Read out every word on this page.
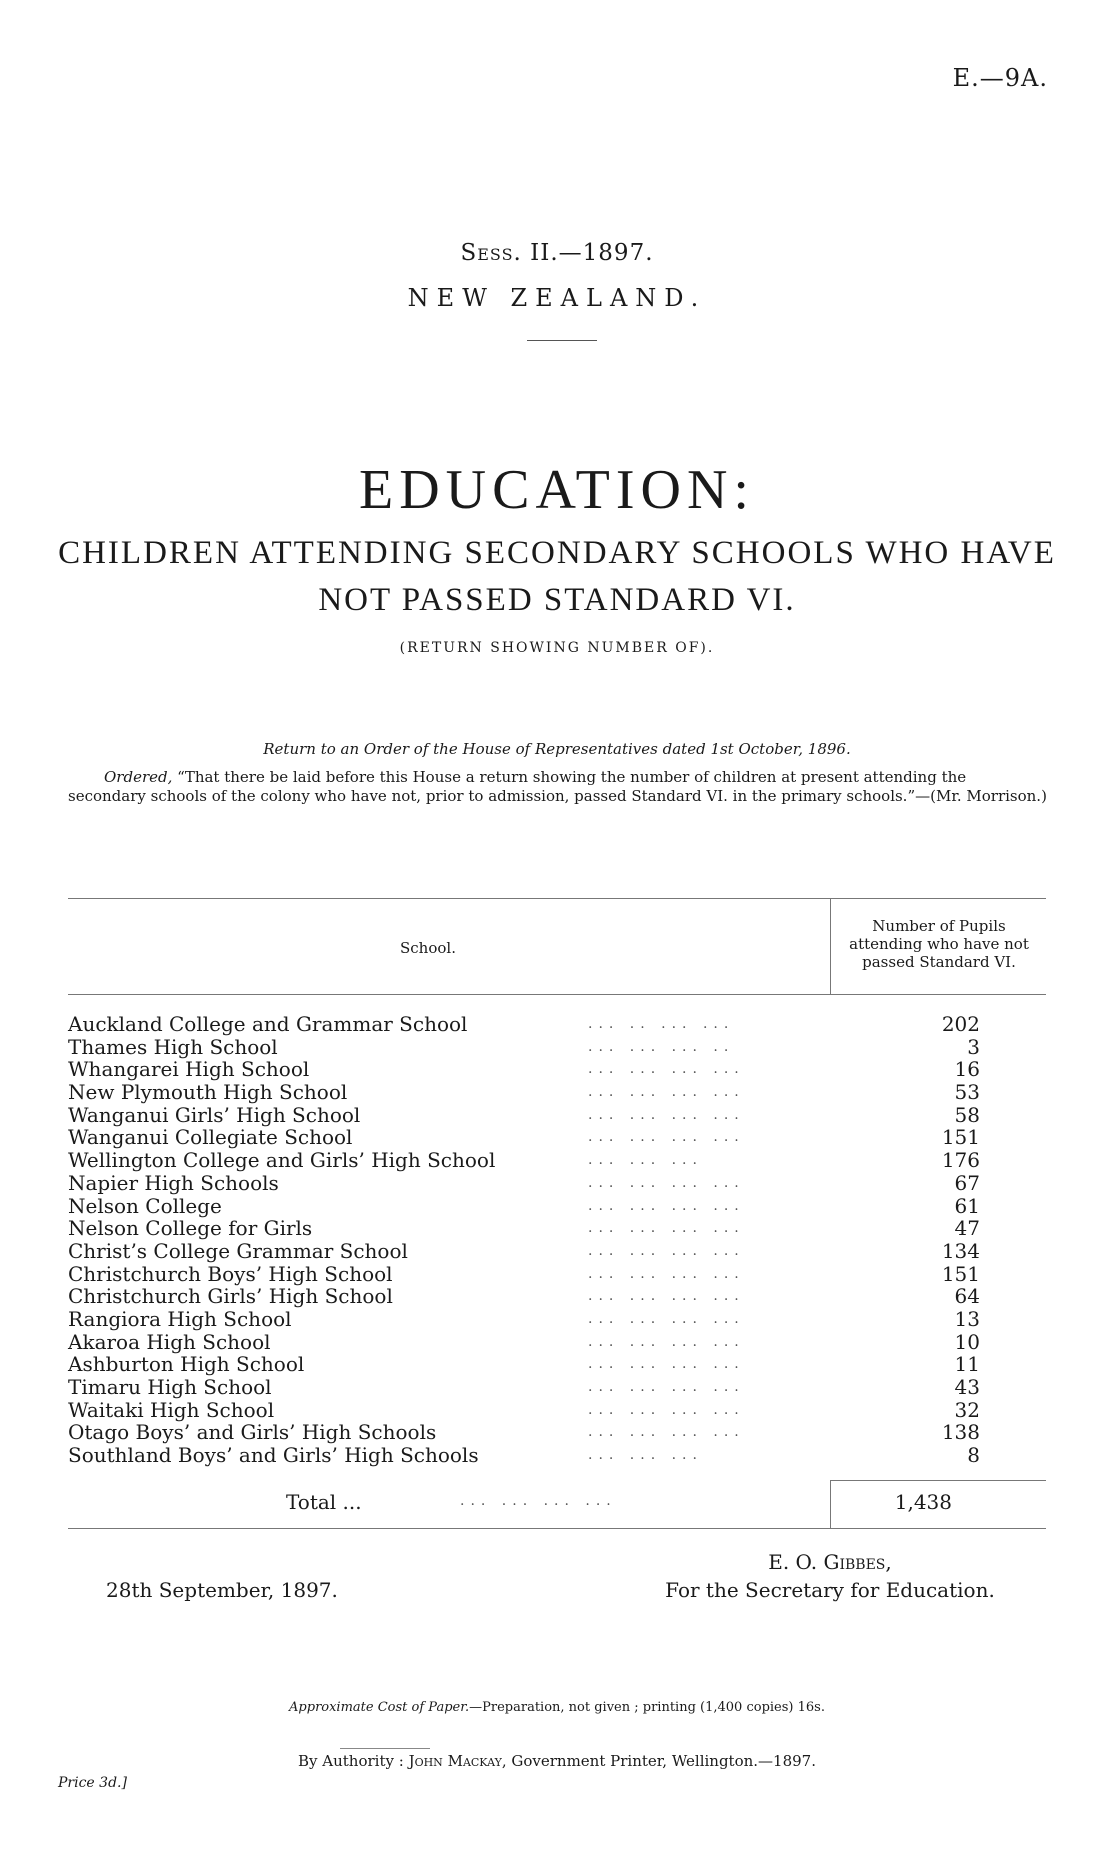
E.—9A.
Sess. II.—1897.
NEW ZEALAND.
EDUCATION:
CHILDREN ATTENDING SECONDARY SCHOOLS WHO HAVE
NOT PASSED STANDARD VI.
(RETURN SHOWING NUMBER OF).
Return to an Order of the House of Representatives dated 1st October, 1896.
Ordered, “That there be laid before this House a return showing the number of children at present attending the secondary schools of the colony who have not, prior to admission, passed Standard VI. in the primary schools.”—(Mr. Morrison.)
School.
Number of Pupils
attending who have not
passed Standard VI.
Auckland College and Grammar School	... .. ... ...	202
Thames High School	... ... ... ..	3
Whangarei High School	... ... ... ...	16
New Plymouth High School	... ... ... ...	53
Wanganui Girls’ High School	... ... ... ...	58
Wanganui Collegiate School	... ... ... ...	151
Wellington College and Girls’ High School	... ... ...	176
Napier High Schools	... ... ... ...	67
Nelson College	... ... ... ...	61
Nelson College for Girls	... ... ... ...	47
Christ’s College Grammar School	... ... ... ...	134
Christchurch Boys’ High School	... ... ... ...	151
Christchurch Girls’ High School	... ... ... ...	64
Rangiora High School	... ... ... ...	13
Akaroa High School	... ... ... ...	10
Ashburton High School	... ... ... ...	11
Timaru High School	... ... ... ...	43
Waitaki High School	... ... ... ...	32
Otago Boys’ and Girls’ High Schools	... ... ... ...	138
Southland Boys’ and Girls’ High Schools	... ... ...	8
Total ...	... ... ... ...	1,438
28th September, 1897.
E. O. Gibbes,
For the Secretary for Education.
Approximate Cost of Paper.—Preparation, not given ; printing (1,400 copies) 16s.
By Authority : John Mackay, Government Printer, Wellington.—1897.
Price 3d.]
